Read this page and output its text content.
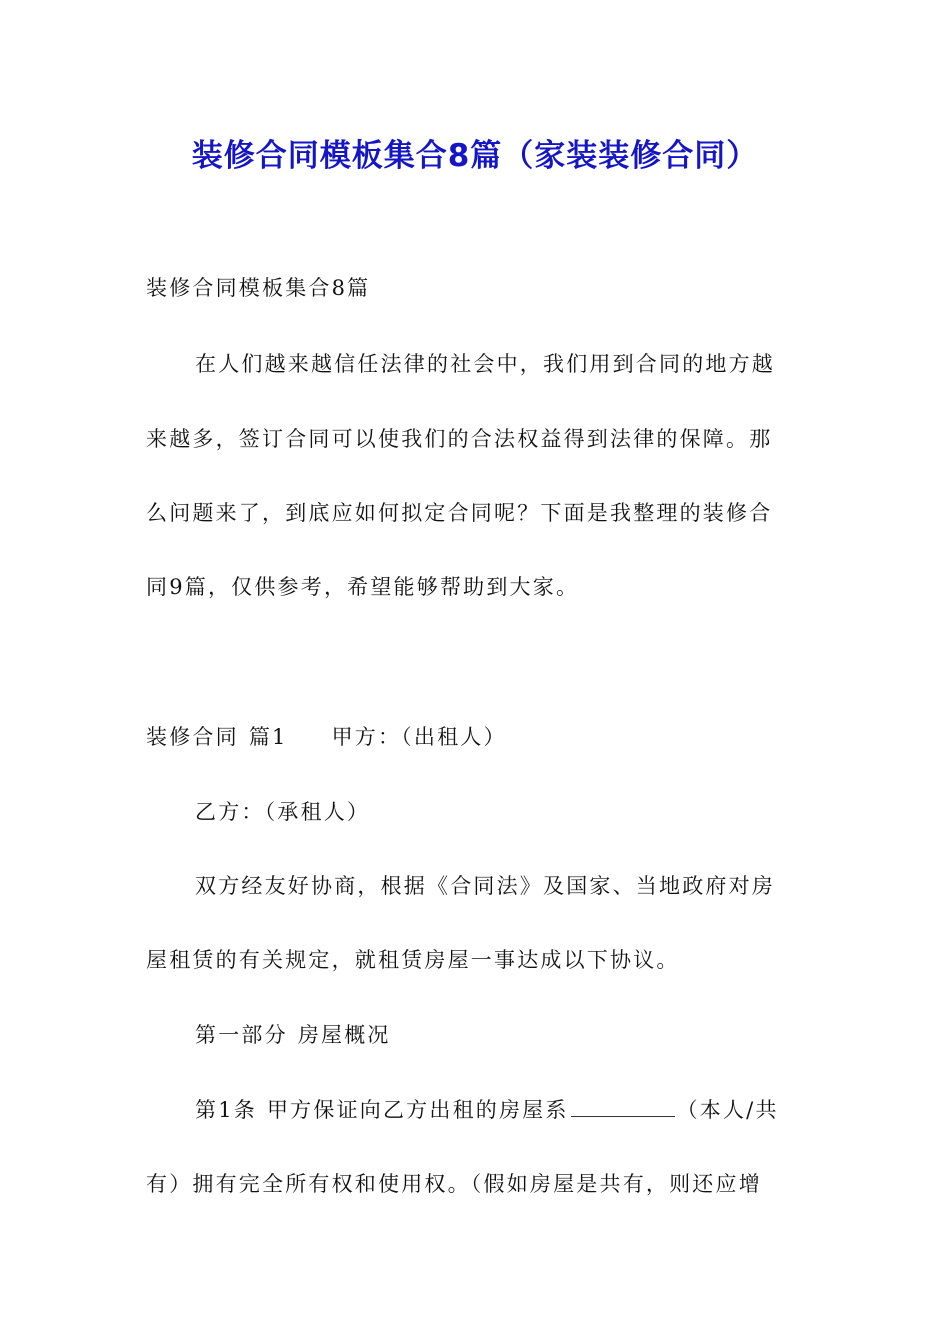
装修合同模板集合8篇（家装装修合同）
装修合同模板集合8篇
在人们越来越信任法律的社会中，我们用到合同的地方越
来越多，签订合同可以使我们的合法权益得到法律的保障。那
么问题来了，到底应如何拟定合同呢？下面是我整理的装修合
同9篇，仅供参考，希望能够帮助到大家。
装修合同 篇1 甲方：（出租人）
乙方：（承租人）
双方经友好协商，根据《合同法》及国家、当地政府对房
屋租赁的有关规定，就租赁房屋一事达成以下协议。
第一部分 房屋概况
第1条 甲方保证向乙方出租的房屋系	（本人/共
有）拥有完全所有权和使用权。（假如房屋是共有，则还应增
